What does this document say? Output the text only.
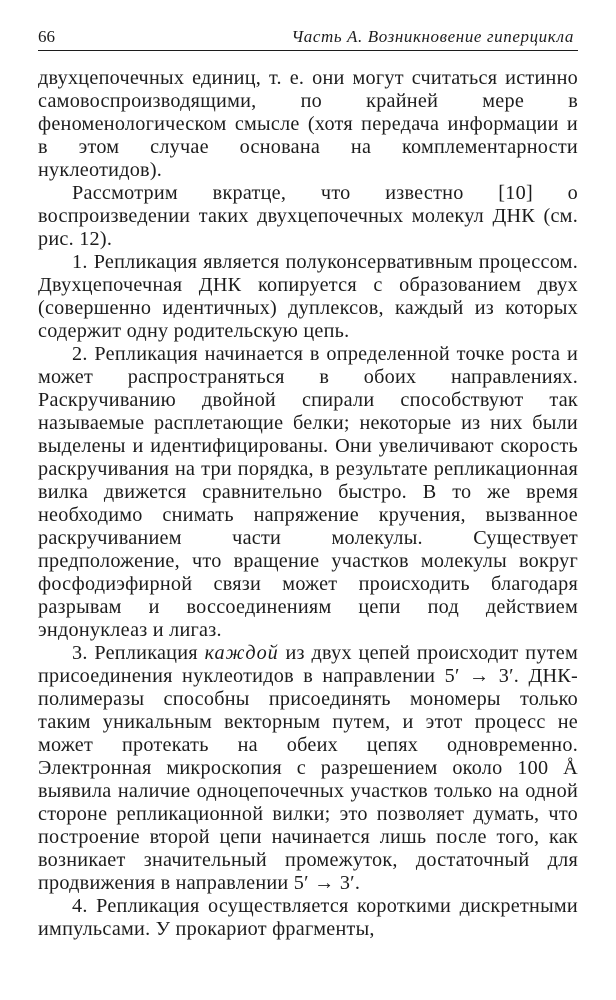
66	Часть А. Возникновение гиперцикла

двухцепочечных единиц, т. е. они могут считаться истинно самовоспроизводящими, по крайней мере в феноменологическом смысле (хотя передача информации и в этом случае основана на комплементарности нуклеотидов).

Рассмотрим вкратце, что известно [10] о воспроизведении таких двухцепочечных молекул ДНК (см. рис. 12).

1. Репликация является полуконсервативным процессом. Двухцепочечная ДНК копируется с образованием двух (совершенно идентичных) дуплексов, каждый из которых содержит одну родительскую цепь.

2. Репликация начинается в определенной точке роста и может распространяться в обоих направлениях. Раскручиванию двойной спирали способствуют так называемые расплетающие белки; некоторые из них были выделены и идентифицированы. Они увеличивают скорость раскручивания на три порядка, в результате репликационная вилка движется сравнительно быстро. В то же время необходимо снимать напряжение кручения, вызванное раскручиванием части молекулы. Существует предположение, что вращение участков молекулы вокруг фосфодиэфирной связи может происходить благодаря разрывам и воссоединениям цепи под действием эндонуклеаз и лигаз.

3. Репликация каждой из двух цепей происходит путем присоединения нуклеотидов в направлении 5′ → 3′. ДНК-полимеразы способны присоединять мономеры только таким уникальным векторным путем, и этот процесс не может протекать на обеих цепях одновременно. Электронная микроскопия с разрешением около 100 Å выявила наличие одноцепочечных участков только на одной стороне репликационной вилки; это позволяет думать, что построение второй цепи начинается лишь после того, как возникает значительный промежуток, достаточный для продвижения в направлении 5′ → 3′.

4. Репликация осуществляется короткими дискретными импульсами. У прокариот фрагменты,
